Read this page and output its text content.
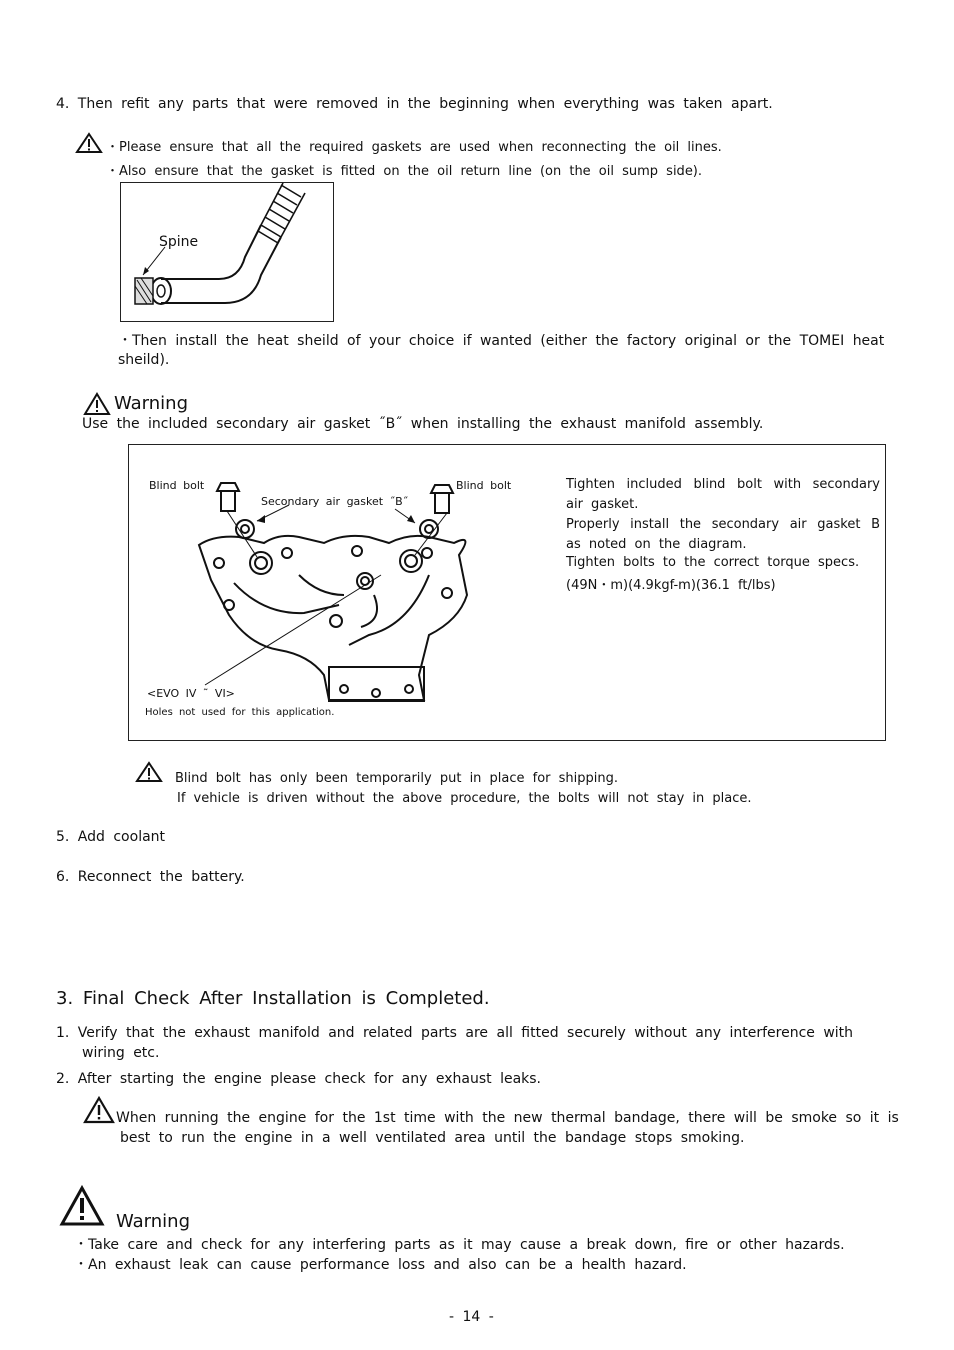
4. Then refit any parts that were removed in the beginning when everything was taken apart.
・Please ensure that all the required gaskets are used when reconnecting the oil lines.
・Also ensure that the gasket is fitted on the oil return line (on the oil sump side).
Spine
・Then install the heat sheild of your choice if wanted (either the factory original or the TOMEI heat sheild).
Warning
Use the included secondary air gasket ˝B˝ when installing the exhaust manifold assembly.
Blind bolt	Blind bolt
Secondary air gasket ˝B˝
<EVO IV ˜ VI>
Holes not used for this application.
Tighten included blind bolt with secondary air gasket.
Properly install the secondary air gasket B as noted on the diagram.
Tighten bolts to the correct torque specs.
(49N・m)(4.9kgf-m)(36.1 ft/lbs)
Blind bolt has only been temporarily put in place for shipping.
If vehicle is driven without the above procedure, the bolts will not stay in place.
5. Add coolant
6. Reconnect the battery.
3. Final Check After Installation is Completed.
1. Verify that the exhaust manifold and related parts are all fitted securely without any interference with
wiring etc.
2. After starting the engine please check for any exhaust leaks.
When running the engine for the 1st time with the new thermal bandage, there will be smoke so it is
best to run the engine in a well ventilated area until the bandage stops smoking.
Warning
・Take care and check for any interfering parts as it may cause a break down, fire or other hazards.
・An exhaust leak can cause performance loss and also can be a health hazard.
- 14 -
